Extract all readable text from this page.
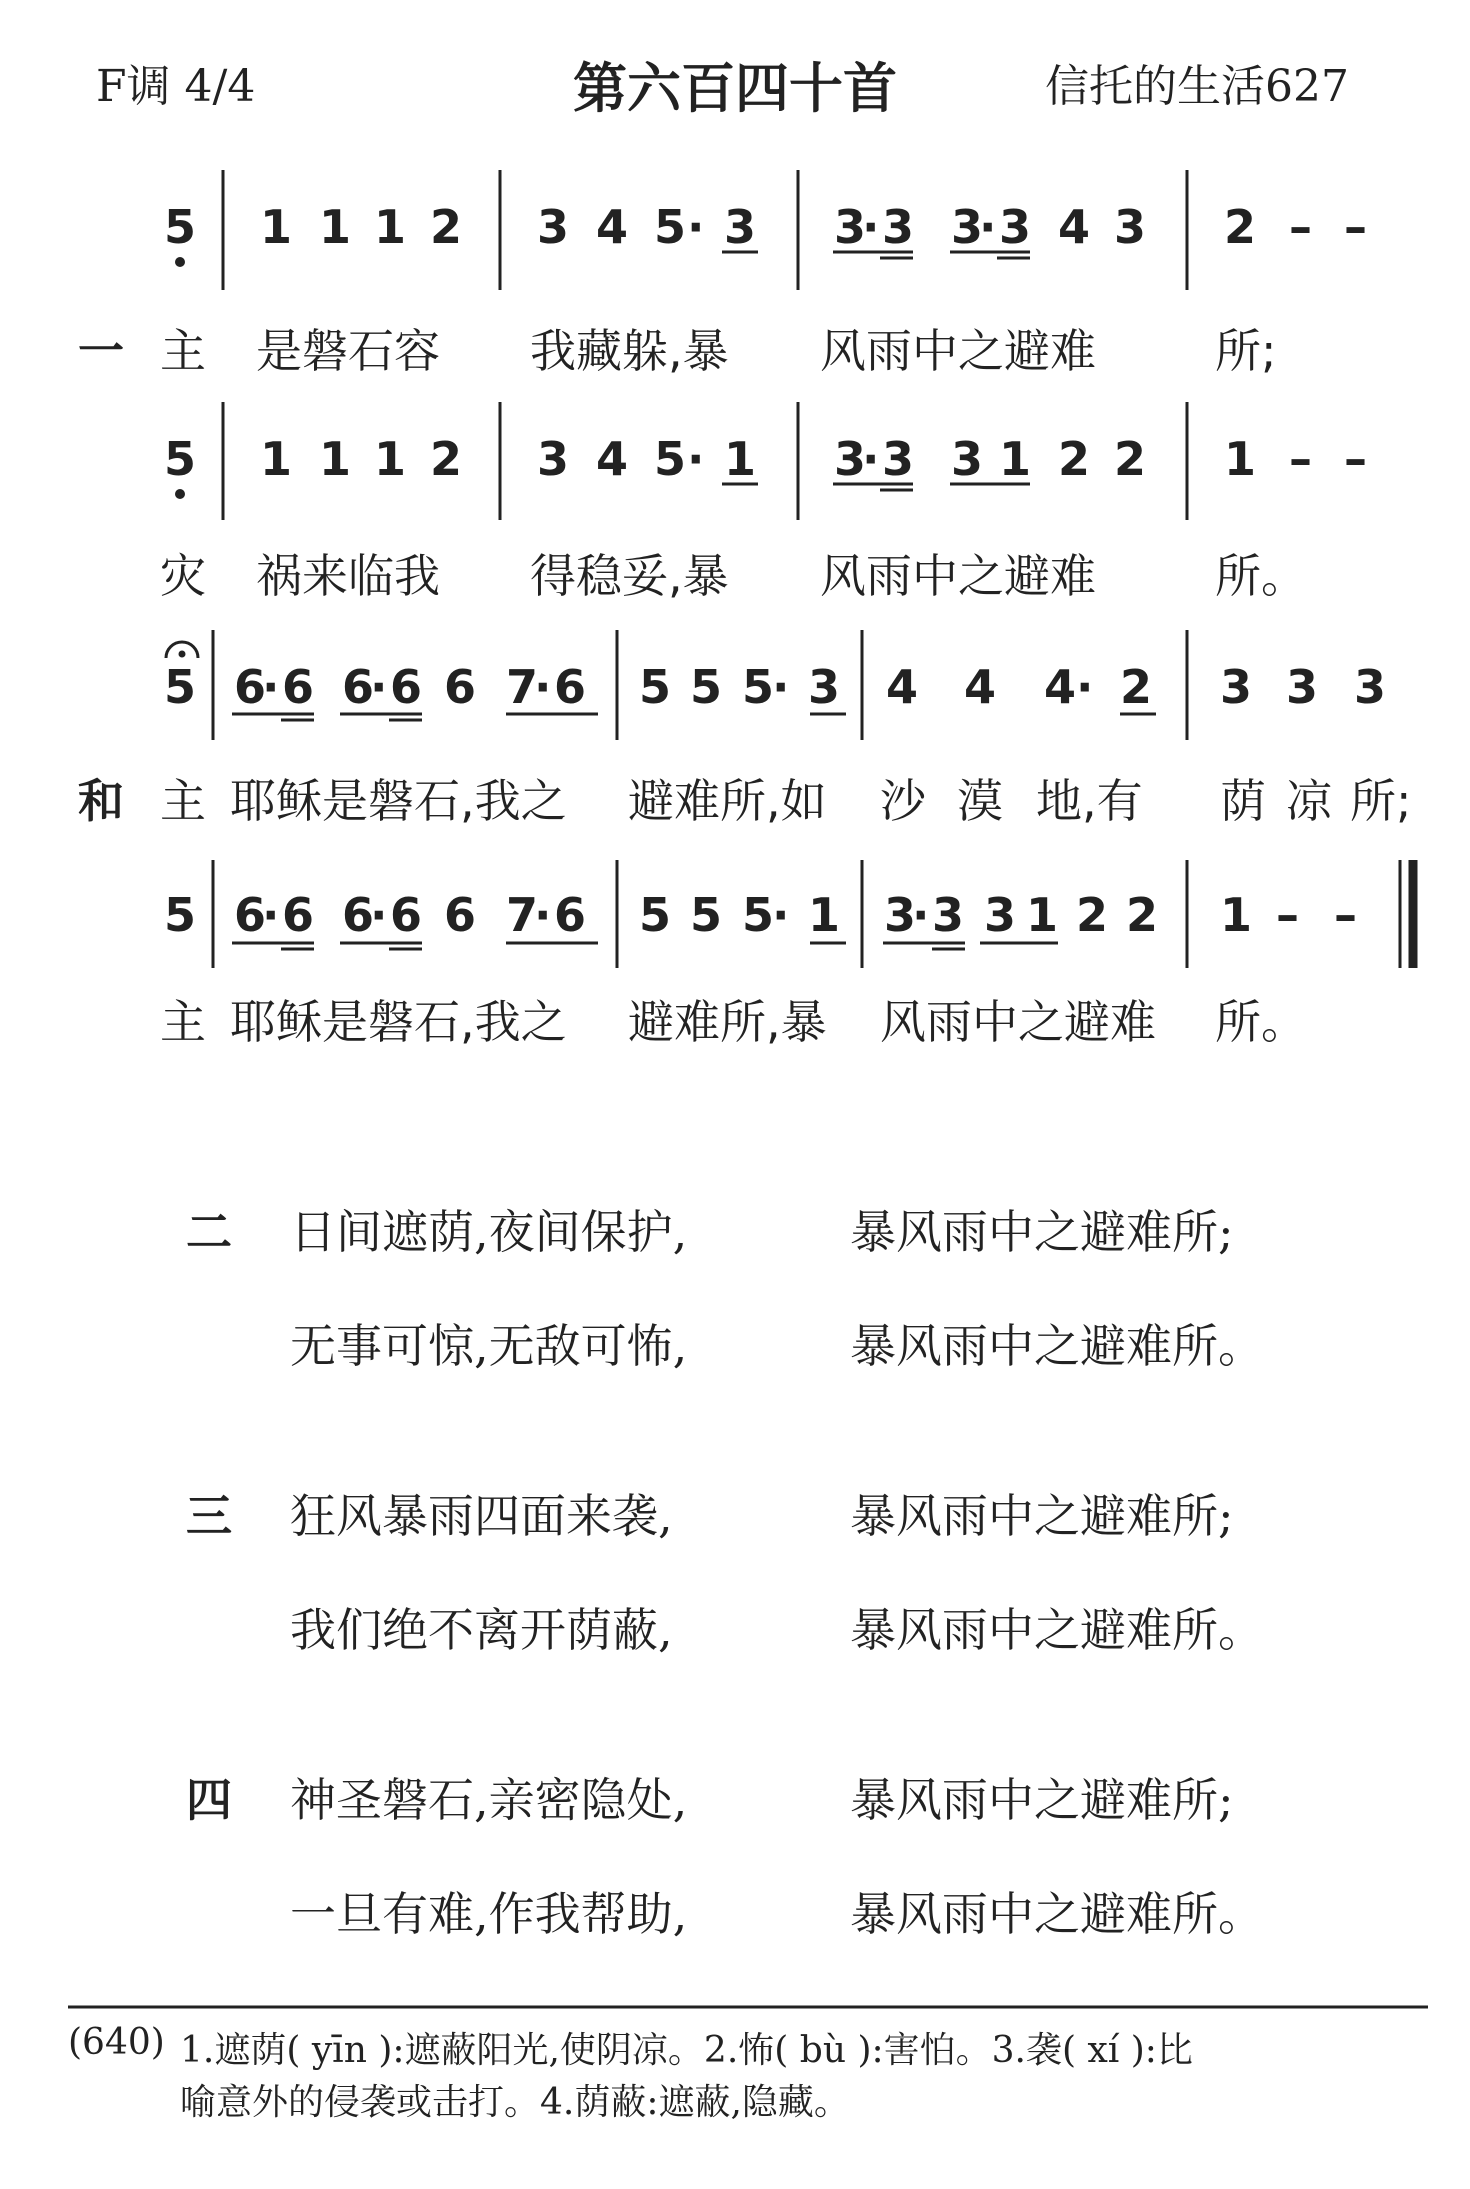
F调 4/4	第六百四十首	信托的生活627
5 1 1 1 2 3 4 5 · 3 3
· 3 3
· 3 4 3 2 – –
一 主 是磐石容 我藏躲,暴 风雨中之避难	所;
5 1 1 1 2 3 4 5 · 1 3
· 3 3 1 2 2 1 – –
灾 祸来临我 得稳妥,暴 风雨中之避难	所。
5 6
· 6 6
· 6 6 7
· 6 5 5 5
· 3 4 4 4 · 2 3 3 3
和 主 耶稣是磐石,我之 避难所,如 沙 漠 地,有 荫 凉 所;
5 6
· 6 6
· 6 6 7
· 6 5 5 5
· 1 3
· 3 3 1 2 2 1 – –
主 耶稣是磐石,我之 避难所,暴 风雨中之避难 所。
二 日间遮荫,夜间保护,	暴风雨中之避难所;
无事可惊,无敌可怖,	暴风雨中之避难所。
三 狂风暴雨四面来袭,	暴风雨中之避难所;
我们绝不离开荫蔽,	暴风雨中之避难所。
四 神圣磐石,亲密隐处,	暴风雨中之避难所;
一旦有难,作我帮助,	暴风雨中之避难所。
(640) 1.遮荫( yīn ):遮蔽阳光,使阴凉。2.怖( bù ):害怕。3.袭( xí ):比
喻意外的侵袭或击打。4.荫蔽:遮蔽,隐藏。
